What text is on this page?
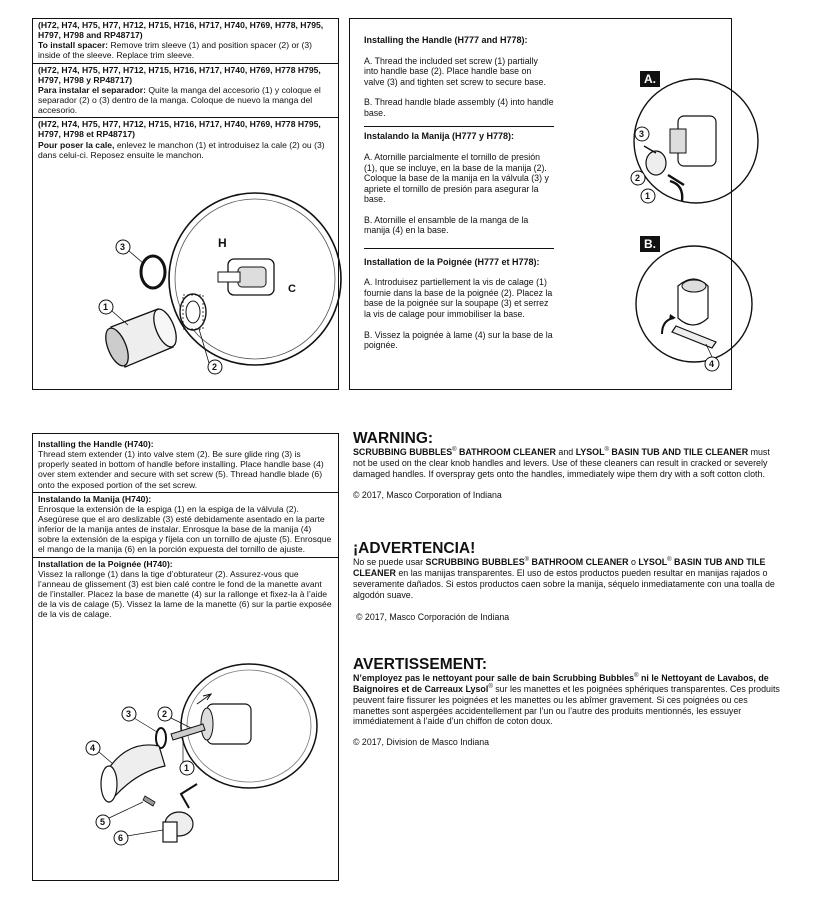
(H72, H74, H75, H77, H712, H715, H716, H717, H740, H769, H778, H795, H797, H798 and RP48717)

To install spacer: Remove trim sleeve (1) and position spacer (2) or (3) inside of the sleeve. Replace trim sleeve.

(H72, H74, H75, H77, H712, H715, H716, H717, H740, H769, H778 H795, H797, H798 y RP48717)

Para instalar el separador: Quite la manga del accesorio (1) y coloque el separador (2) o (3) dentro de la manga. Coloque de nuevo la manga del accesorio.

(H72, H74, H75, H77, H712, H715, H716, H717, H740, H769, H778 H795, H797, H798 et RP48717)

Pour poser la cale, enlevez le manchon (1) et introduisez la cale (2) ou (3) dans celui-ci. Reposez ensuite le manchon.

H
C
3
1
2

Installing the Handle (H777 and H778):

A. Thread the included set screw (1) partially into handle base (2). Place handle base on valve (3) and tighten set screw to secure base.

B. Thread handle blade assembly (4) into handle base.

Instalando la Manija (H777 y H778):

A. Atornille parcialmente el tornillo de presión (1), que se incluye, en la base de la manija (2). Coloque la base de la manija en la válvula (3) y apriete el tornillo de presión para asegurar la base.

B. Atornille el ensamble de la manga de la manija (4) en la base.

Installation de la Poignée (H777 et H778):

A. Introduisez partiellement la vis de calage (1) fournie dans la base de la poignée (2). Placez la base de la poignée sur la soupape (3) et serrez la vis de calage pour immobiliser la base.

B. Vissez la poignée à lame (4) sur la base de la poignée.

A.
3
2
1
B.
4
Installing the Handle (H740):

Thread stem extender (1) into valve stem (2). Be sure glide ring (3) is properly seated in bottom of handle before installing. Place handle base (4) over stem extender and secure with set screw (5). Thread handle blade (6) onto the exposed portion of the set screw.

Instalando la Manija (H740):

Enrosque la extensión de la espiga (1) en la espiga de la válvula (2). Asegúrese que el aro deslizable (3) esté debidamente asentado en la parte inferior de la manija antes de instalar. Enrosque la base de la manija (4) sobre la extensión de la espiga y fíjela con un tornillo de ajuste (5). Enrosque el mango de la manija (6) en la porción expuesta del tornillo de ajuste.

Installation de la Poignée (H740):

Vissez la rallonge (1) dans la tige d’obturateur (2). Assurez-vous que l’anneau de glissement (3) est bien calé contre le fond de la manette avant de l’installer. Placez la base de manette (4) sur la rallonge et fixez-la à l’aide de la vis de calage (5). Vissez la lame de la manette (6) sur la partie exposée de la vis de calage.

3	2
4
1
5
6

WARNING:

SCRUBBING BUBBLES® BATHROOM CLEANER and LYSOL® BASIN TUB AND TILE CLEANER must not be used on the clear knob handles and levers. Use of these cleaners can result in cracked or severely damaged handles. If overspray gets onto the handles, immediately wipe them dry with a soft cotton cloth.

© 2017, Masco Corporation of Indiana

¡ADVERTENCIA!

No se puede usar SCRUBBING BUBBLES® BATHROOM CLEANER o LYSOL® BASIN TUB AND TILE CLEANER en las manijas transparentes. El uso de estos productos pueden resultar en manijas rajados o severamente dañados. Si estos productos caen sobre la manija, séquelo inmediatamente con una toalla de algodón suave.

© 2017, Masco Corporación de Indiana

AVERTISSEMENT:

N’employez pas le nettoyant pour salle de bain Scrubbing Bubbles® ni le Nettoyant de Lavabos, de Baignoires et de Carreaux Lysol® sur les manettes et les poignées sphériques transparentes. Ces produits peuvent faire fissurer les poignées et les manettes ou les abîmer gravement. Si ces poignées ou ces manettes sont aspergées accidentellement par l’un ou l’autre des produits mentionnés, les essuyer immédiatement à l’aide d’un chiffon de coton doux.

© 2017, Division de Masco Indiana
